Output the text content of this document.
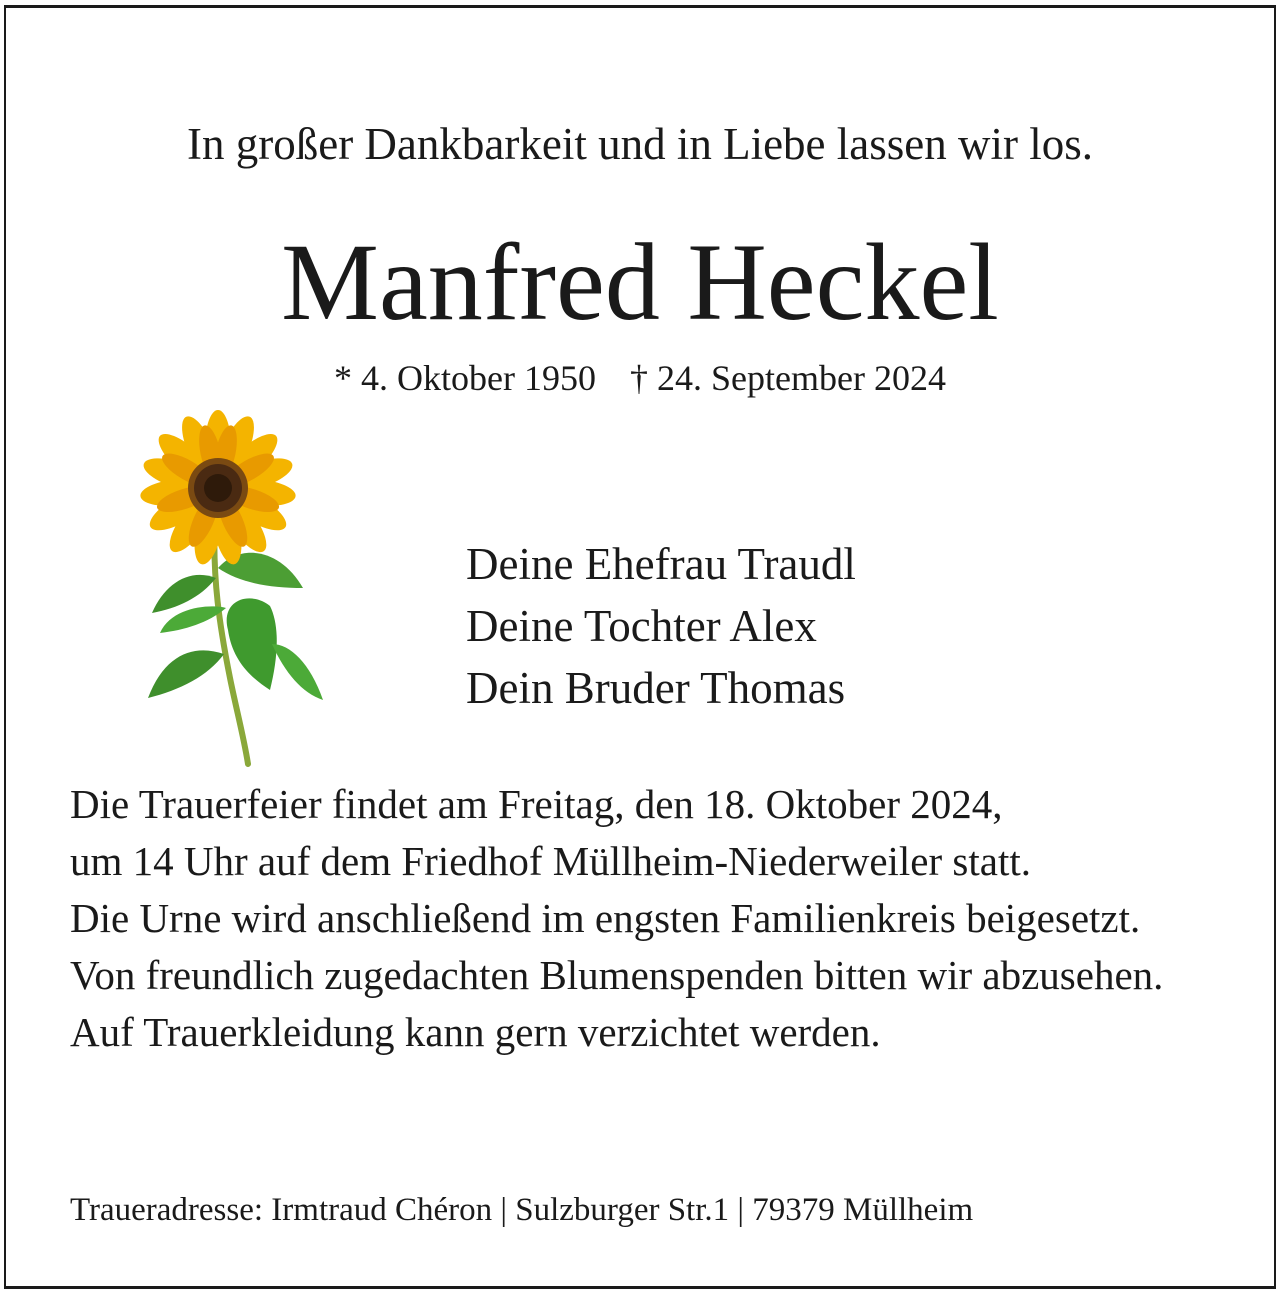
In großer Dankbarkeit und in Liebe lassen wir los.
Manfred Heckel
* 4. Oktober 1950 † 24. September 2024
Deine Ehefrau Traudl
Deine Tochter Alex
Dein Bruder Thomas
Die Trauerfeier findet am Freitag, den 18. Oktober 2024,
um 14 Uhr auf dem Friedhof Müllheim-Niederweiler statt.
Die Urne wird anschließend im engsten Familienkreis beigesetzt.
Von freundlich zugedachten Blumenspenden bitten wir abzusehen.
Auf Trauerkleidung kann gern verzichtet werden.
Traueradresse: Irmtraud Chéron | Sulzburger Str.1 | 79379 Müllheim
